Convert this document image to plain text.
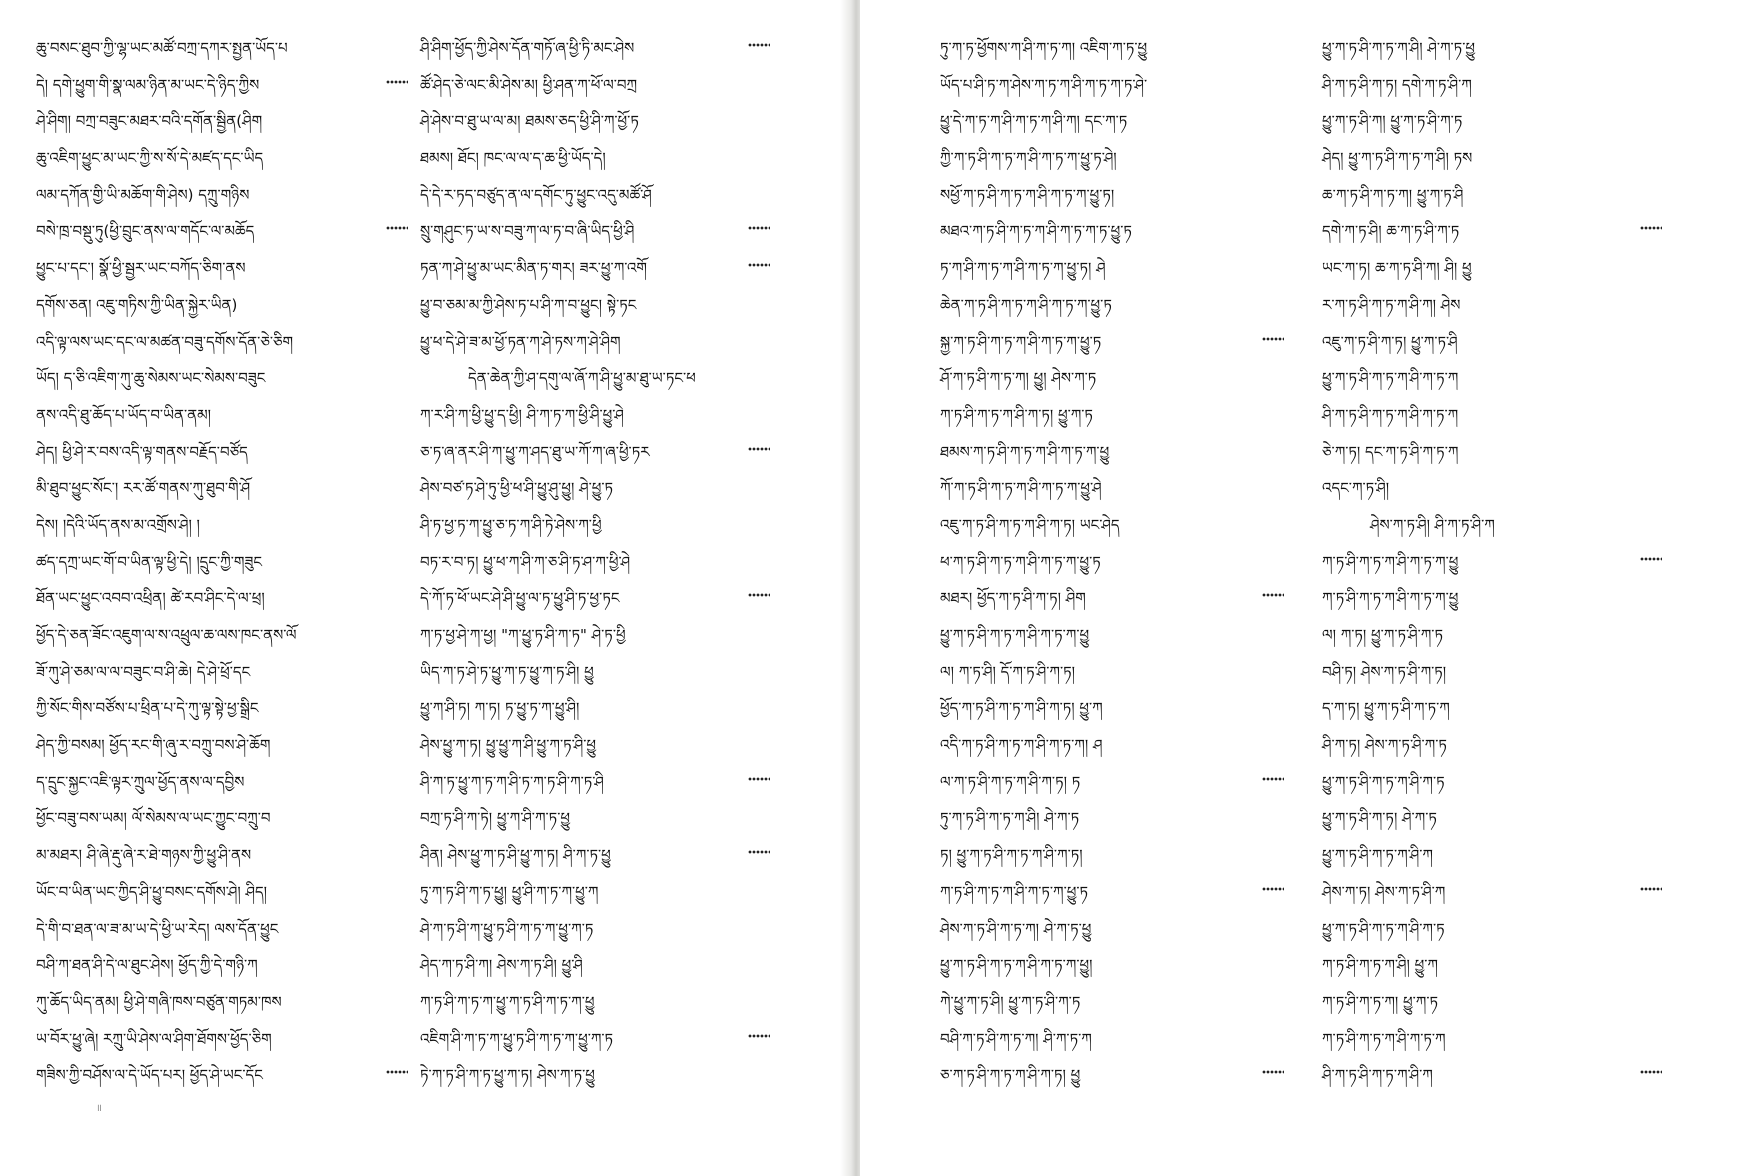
ཆུ་བསང་ཐུབ་ཀྱི་ལྷ་ཡང་མཚོ་བཀྲ་དཀར་སྤྱན་ཡོད་པ
དེ། དགེ་ཕྱུག་གི་སྣ་ལམ་ཉིན་མ་ཡང་དེ་ཉིད་ཀྱིས
ཤེ་ཤིག། བཀྲ་བཟུང་མཐར་བའི་དགོན་སྦྱིན(ཤིག
ཆུ་འཇིག་ཕྱུང་མ་ཡང་ཀྱི་ས་སོ་དེ་མཛད་དང་ཡིད
ལམ་དཀོན་གྱི་ཡི་མཆོག་གི་ཤེས) དཀྲུ་གཉིས
བསེ་ཁྲ་བསྡུ་ཏུ(ཕྱི་བྲུང་ནས་ལ་གདོང་ལ་མཆོད
ཕྱུང་པ་དང་། སྣོ་ཕྱི་སྦྱར་ཡང་བཀོད་ཅིག་ནས
དགོས་ཅན། འཇུ་གཏིས་ཀྱི་ཡིན་སྐྱེར་ཡིན)
འདི་ལྟ་ལས་ཡང་དང་ལ་མཚན་བཟུ་དགོས་དོན་ཅེ་ཅིག
ཡོད། ད་ཅི་འཇིག་ཀུ་ཆུ་སེམས་ཡང་སེམས་བཟུང
ནས་འདི་ཐུ་ཆོད་པ་ཡོད་བ་ཡིན་ནམ།
ཤེད། ཕྱི་ཤེ་ར་བས་འདི་ལྟ་གནས་བརྗོད་བཙོད
མི་ཐུབ་ཕྱུང་སོང་། རར་ཚོ་གནས་ཀུ་ཐུབ་གི་ཤོ
དེས། །དེའི་ཡོད་ནས་མ་འགྲོས་ཤེ། །
ཚད་དཀྲ་ཡང་གོ་བ་ཡིན་ལྟ་ཕྱི་དེ། །དྲུང་ཀྱི་གཟུང
ཐོན་ཡང་ཕྱུང་འབབ་འཕྲིན། ཚེ་རབ་ཤིང་དེ་ལ་ཕྲ།
ཕྱོད་དེ་ཅན་ཟོང་འཇུག་ལ་ས་འཕྲུལ་ཆ་ལས་ཁང་ནས་ལོ
ཟོ་ཀུ་ཤེ་ཅམ་ལ་ལ་བཟུང་བ་ཤི་ཆེ། དེ་ཤེ་ཕྲོ་དང
ཀྱི་སོང་གིས་བཙོས་པ་ཕྲིན་པ་དེ་ཀུ་ལྟ་སྟེ་ཕྱ་སྒྲིང
ཤེད་ཀྱི་བསམ། ཕྱོད་རང་གི་ཞུ་ར་བཀྲུ་བས་ཤེ་ཆོག
ད་དྲུང་སྐྱང་འཇི་ལྟར་ཀྲུལ་ཕྱོད་ནས་ལ་དབྱིས
ཕྱོང་བཟུ་བས་ཡམ། ལོ་སེམས་ལ་ཡང་ཀྱུང་བཀྲུ་བ
མ་མཐར། ཤི་ཞེ་རྡུ་ཞེ་ར་ཐེ་གཉས་ཀྱི་ཕྱུ་ཤི་ནས
ཡོང་བ་ཡིན་ཡང་ཀྱིད་ཤི་ཕྱུ་བསང་དགོས་ཤེ། ཤིད།
དེ་གི་བ་ཐན་ལ་ཟ་མ་ཡ་དེ་ཕྱི་ཡ་རེད། ལས་དོན་ཕྱུང
བཤི་ཀ་ཐན་ཤི་དེ་ལ་ཐུང་ཤེས། ཕྱོད་ཀྱི་དེ་གཉི་ཀ
ཀུ་ཆོད་ཡིད་ནམ། ཕྱི་ཤེ་གཞི་ཁས་བཙུན་གཏམ་ཁས
ཡ་བོར་ཕྱུ་ཞེ། རཀྲུ་ཡི་ཤེས་ལ་ཤིག་ཐོགས་ཕྱོད་ཅིག
གཟིས་ཀྱི་བཤོས་ལ་དེ་ཡོད་པར། ཕྱོད་ཤེ་ཡང་དོང
ཤི་ཤིག་ཕྱོད་ཀྱི་ཤེས་དོན་གཏོ་ཞ་ཕྱི་ཏི་མང་ཤེས
ཚོ་ཤེད་ཅེ་ལང་མི་ཤེས་མ། ཕྱི་ཤན་ཀ་ཕོ་ལ་བཀྲ
ཤེ་ཤེས་བ་ཐུ་ཡ་ལ་མ། ཐམས་ཅད་ཕྱི་ཤི་ཀ་ཕྱོ་ཏ
ཐམས། ཐོང། ཁང་ལ་ལ་ད་ཆ་ཕྱི་ཡོད་དེ།
དེ་དེ་ར་ཏད་བཙུད་ན་ལ་དགོང་ཏུ་ཕྱུང་འདུ་མཚོ་ཤོ
སྲུ་གཤུང་ཏ་ཡ་ས་བཟུ་ཀ་ལ་ཏ་བ་ཞི་ཡིད་ཕྱི་ཤི
ཏན་ཀ་ཤེ་ཕྱུ་མ་ཡང་མིན་ཏ་གར། ཟར་ཕྱུ་ཀ་འགོ
ཕྱུ་བ་ཅམ་མ་ཀྱི་ཤེས་ཏ་པ་ཤི་ཀ་བ་ཕྱུང། སྟེ་ཏང
ཕྱུ་ཕ་དེ་ཤེ་ཟ་མ་ཕྱོ་ཏན་ཀ་ཤེ་ཏས་ཀ་ཤེ་ཤིག
དེན་ཆེན་ཀྱི་ཤ་དགུ་ལ་ཞོ་ཀ་ཤི་ཕྱུ་མ་ཐུ་ཡ་ཏང་ཕ
ཀ་ར་ཤི་ཀ་ཕྱི་ཕྱུ་ད་ཕྱི། ཤི་ཀ་ཏ་ཀ་ཕྱི་ཤི་ཕྱུ་ཤེ
ཅ་ཏ་ཞ་ནར་ཤི་ཀ་ཕྱུ་ཀ་ཤད་ཐུ་ཡ་ཀོ་ཀ་ཞ་ཕྱི་ཏར
ཤེས་བཙ་ཏ་ཤེ་ཏུ་ཕྱི་ཕ་ཤི་ཕྱུ་ཤུ་ཕྱུ། ཤེ་ཕྱུ་ཏ
ཤི་ཏ་ཕྱ་ཏ་ཀ་ཕྱུ་ཅ་ཏ་ཀ་ཤི་ཏེ་ཤེས་ཀ་ཕྱི
བཏ་ར་བ་ཏ། ཕྱུ་ཕ་ཀ་ཤི་ཀ་ཅ་ཤི་ཏ་ཤ་ཀ་ཕྱི་ཤེ
དེ་ཀོ་ཏ་ཕོ་ཡང་ཤེ་ཤི་ཕྱུ་ལ་ཏ་ཕྱུ་ཤི་ཏ་ཕྱ་ཏང
ཀ་ཏ་ཕྱ་ཤེ་ཀ་ཕྱ། "ཀ་ཕྱུ་ཏ་ཤི་ཀ་ཏ" ཤེ་ཏ་ཕྱི
ཡིད་ཀ་ཏ་ཤེ་ཏ་ཕྱུ་ཀ་ཏ་ཕྱུ་ཀ་ཏ་ཤི། ཕྱུ
ཕྱུ་ཀ་ཤི་ཏ། ཀ་ཏ། ཏ་ཕྱུ་ཏ་ཀ་ཕྱུ་ཤི།
ཤེས་ཕྱུ་ཀ་ཏ། ཕྱུ་ཕྱུ་ཀ་ཤི་ཕྱུ་ཀ་ཏ་ཤི་ཕྱུ
ཤི་ཀ་ཏ་ཕྱུ་ཀ་ཏ་ཀ་ཤི་ཏ་ཀ་ཏ་ཤི་ཀ་ཏ་ཤི
བཀྲ་ཏ་ཤི་ཀ་ཏེ། ཕྱུ་ཀ་ཤི་ཀ་ཏ་ཕྱུ
ཤིན། ཤེས་ཕྱུ་ཀ་ཏ་ཤི་ཕྱུ་ཀ་ཏ། ཤི་ཀ་ཏ་ཕྱུ
ཏུ་ཀ་ཏ་ཤི་ཀ་ཏ་ཕྱུ། ཕྱུ་ཤི་ཀ་ཏ་ཀ་ཕྱུ་ཀ
ཤེ་ཀ་ཏ་ཤི་ཀ་ཕྱུ་ཏ་ཤི་ཀ་ཏ་ཀ་ཕྱུ་ཀ་ཏ
ཤེད་ཀ་ཏ་ཤི་ཀ། ཤེས་ཀ་ཏ་ཤི། ཕྱུ་ཤི
ཀ་ཏ་ཤི་ཀ་ཏ་ཀ་ཕྱུ་ཀ་ཏ་ཤི་ཀ་ཏ་ཀ་ཕྱུ
འཇིག་ཤི་ཀ་ཏ་ཀ་ཕྱུ་ཏ་ཤི་ཀ་ཏ་ཀ་ཕྱུ་ཀ་ཏ
ཏེ་ཀ་ཏ་ཤི་ཀ་ཏ་ཕྱུ་ཀ་ཏ། ཤེས་ཀ་ཏ་ཕྱུ
॥
ཏུ་ཀ་ཏ་ཕྱོགས་ཀ་ཤི་ཀ་ཏ་ཀ། འཇིག་ཀ་ཏ་ཕྱུ
ཡོད་པ་ཤི་ཏ་ཀ་ཤེས་ཀ་ཏ་ཀ་ཤི་ཀ་ཏ་ཀ་ཏ་ཤེ་
ཕྱུ་དེ་ཀ་ཏ་ཀ་ཤི་ཀ་ཏ་ཀ་ཤི་ཀ། དང་ཀ་ཏ
ཀྱི་ཀ་ཏ་ཤི་ཀ་ཏ་ཀ་ཤི་ཀ་ཏ་ཀ་ཕྱུ་ཏ་ཤེ།
སཕྱོ་ཀ་ཏ་ཤི་ཀ་ཏ་ཀ་ཤི་ཀ་ཏ་ཀ་ཕྱུ་ཏ།
མཐའ་ཀ་ཏ་ཤི་ཀ་ཏ་ཀ་ཤི་ཀ་ཏ་ཀ་ཏ་ཕྱུ་ཏ
ཏ་ཀ་ཤི་ཀ་ཏ་ཀ་ཤི་ཀ་ཏ་ཀ་ཕྱུ་ཏ། ཤེ
ཆེན་ཀ་ཏ་ཤི་ཀ་ཏ་ཀ་ཤི་ཀ་ཏ་ཀ་ཕྱུ་ཏ
སྐྱ་ཀ་ཏ་ཤི་ཀ་ཏ་ཀ་ཤི་ཀ་ཏ་ཀ་ཕྱུ་ཏ
ཤོ་ཀ་ཏ་ཤི་ཀ་ཏ་ཀ། ཕྱུ། ཤེས་ཀ་ཏ
ཀ་ཏ་ཤི་ཀ་ཏ་ཀ་ཤི་ཀ་ཏ། ཕྱུ་ཀ་ཏ
ཐམས་ཀ་ཏ་ཤི་ཀ་ཏ་ཀ་ཤི་ཀ་ཏ་ཀ་ཕྱུ
ཀོ་ཀ་ཏ་ཤི་ཀ་ཏ་ཀ་ཤི་ཀ་ཏ་ཀ་ཕྱུ་ཤེ
འཇུ་ཀ་ཏ་ཤི་ཀ་ཏ་ཀ་ཤི་ཀ་ཏ། ཡང་ཤེད
ཕ་ཀ་ཏ་ཤི་ཀ་ཏ་ཀ་ཤི་ཀ་ཏ་ཀ་ཕྱུ་ཏ
མཐར། ཕྱོད་ཀ་ཏ་ཤི་ཀ་ཏ། ཤིག
ཕྱུ་ཀ་ཏ་ཤི་ཀ་ཏ་ཀ་ཤི་ཀ་ཏ་ཀ་ཕྱུ
ལ། ཀ་ཏ་ཤི། དོ་ཀ་ཏ་ཤི་ཀ་ཏ།
ཕྱོད་ཀ་ཏ་ཤི་ཀ་ཏ་ཀ་ཤི་ཀ་ཏ། ཕྱུ་ཀ
འདི་ཀ་ཏ་ཤི་ཀ་ཏ་ཀ་ཤི་ཀ་ཏ་ཀ། ཤ
ལ་ཀ་ཏ་ཤི་ཀ་ཏ་ཀ་ཤི་ཀ་ཏ། ཏ
ཏུ་ཀ་ཏ་ཤི་ཀ་ཏ་ཀ་ཤི། ཤེ་ཀ་ཏ
ཏ། ཕྱུ་ཀ་ཏ་ཤི་ཀ་ཏ་ཀ་ཤི་ཀ་ཏ།
ཀ་ཏ་ཤི་ཀ་ཏ་ཀ་ཤི་ཀ་ཏ་ཀ་ཕྱུ་ཏ
ཤེས་ཀ་ཏ་ཤི་ཀ་ཏ་ཀ། ཤེ་ཀ་ཏ་ཕྱུ
ཕྱུ་ཀ་ཏ་ཤི་ཀ་ཏ་ཀ་ཤི་ཀ་ཏ་ཀ་ཕྱུ།
ཀེ་ཕྱུ་ཀ་ཏ་ཤི། ཕྱུ་ཀ་ཏ་ཤི་ཀ་ཏ
བཤི་ཀ་ཏ་ཤི་ཀ་ཏ་ཀ། ཤི་ཀ་ཏ་ཀ
ཅ་ཀ་ཏ་ཤི་ཀ་ཏ་ཀ་ཤི་ཀ་ཏ། ཕྱུ
ཕྱུ་ཀ་ཏ་ཤི་ཀ་ཏ་ཀ་ཤི། ཤེ་ཀ་ཏ་ཕྱུ
ཤི་ཀ་ཏ་ཤི་ཀ་ཏ། དགེ་ཀ་ཏ་ཤི་ཀ
ཕྱུ་ཀ་ཏ་ཤི་ཀ། ཕྱུ་ཀ་ཏ་ཤི་ཀ་ཏ
ཤེད། ཕྱུ་ཀ་ཏ་ཤི་ཀ་ཏ་ཀ་ཤི། ཏས
ཆ་ཀ་ཏ་ཤི་ཀ་ཏ་ཀ། ཕྱུ་ཀ་ཏ་ཤི
དགེ་ཀ་ཏ་ཤི། ཆ་ཀ་ཏ་ཤི་ཀ་ཏ
ཡང་ཀ་ཏ། ཆ་ཀ་ཏ་ཤི་ཀ། ཤི། ཕྱུ
ར་ཀ་ཏ་ཤི་ཀ་ཏ་ཀ་ཤི་ཀ། ཤེས
འཇུ་ཀ་ཏ་ཤི་ཀ་ཏ། ཕྱུ་ཀ་ཏ་ཤི
ཕྱུ་ཀ་ཏ་ཤི་ཀ་ཏ་ཀ་ཤི་ཀ་ཏ་ཀ
ཤི་ཀ་ཏ་ཤི་ཀ་ཏ་ཀ་ཤི་ཀ་ཏ་ཀ
ཅེ་ཀ་ཏ། དང་ཀ་ཏ་ཤི་ཀ་ཏ་ཀ
འདང་ཀ་ཏ་ཤི།
ཤེས་ཀ་ཏ་ཤི། ཤི་ཀ་ཏ་ཤི་ཀ
ཀ་ཏ་ཤི་ཀ་ཏ་ཀ་ཤི་ཀ་ཏ་ཀ་ཕྱུ
ཀ་ཏ་ཤི་ཀ་ཏ་ཀ་ཤི་ཀ་ཏ་ཀ་ཕྱུ
ལ། ཀ་ཏ། ཕྱུ་ཀ་ཏ་ཤི་ཀ་ཏ
བཤི་ཏ། ཤེས་ཀ་ཏ་ཤི་ཀ་ཏ།
ད་ཀ་ཏ། ཕྱུ་ཀ་ཏ་ཤི་ཀ་ཏ་ཀ
ཤི་ཀ་ཏ། ཤེས་ཀ་ཏ་ཤི་ཀ་ཏ
ཕྱུ་ཀ་ཏ་ཤི་ཀ་ཏ་ཀ་ཤི་ཀ་ཏ
ཕྱུ་ཀ་ཏ་ཤི་ཀ་ཏ། ཤེ་ཀ་ཏ
ཕྱུ་ཀ་ཏ་ཤི་ཀ་ཏ་ཀ་ཤི་ཀ
ཤེས་ཀ་ཏ། ཤེས་ཀ་ཏ་ཤི་ཀ
ཕྱུ་ཀ་ཏ་ཤི་ཀ་ཏ་ཀ་ཤི་ཀ་ཏ
ཀ་ཏ་ཤི་ཀ་ཏ་ཀ་ཤི། ཕྱུ་ཀ
ཀ་ཏ་ཤི་ཀ་ཏ་ཀ། ཕྱུ་ཀ་ཏ
ཀ་ཏ་ཤི་ཀ་ཏ་ཀ་ཤི་ཀ་ཏ་ཀ
ཤི་ཀ་ཏ་ཤི་ཀ་ཏ་ཀ་ཤི་ཀ
